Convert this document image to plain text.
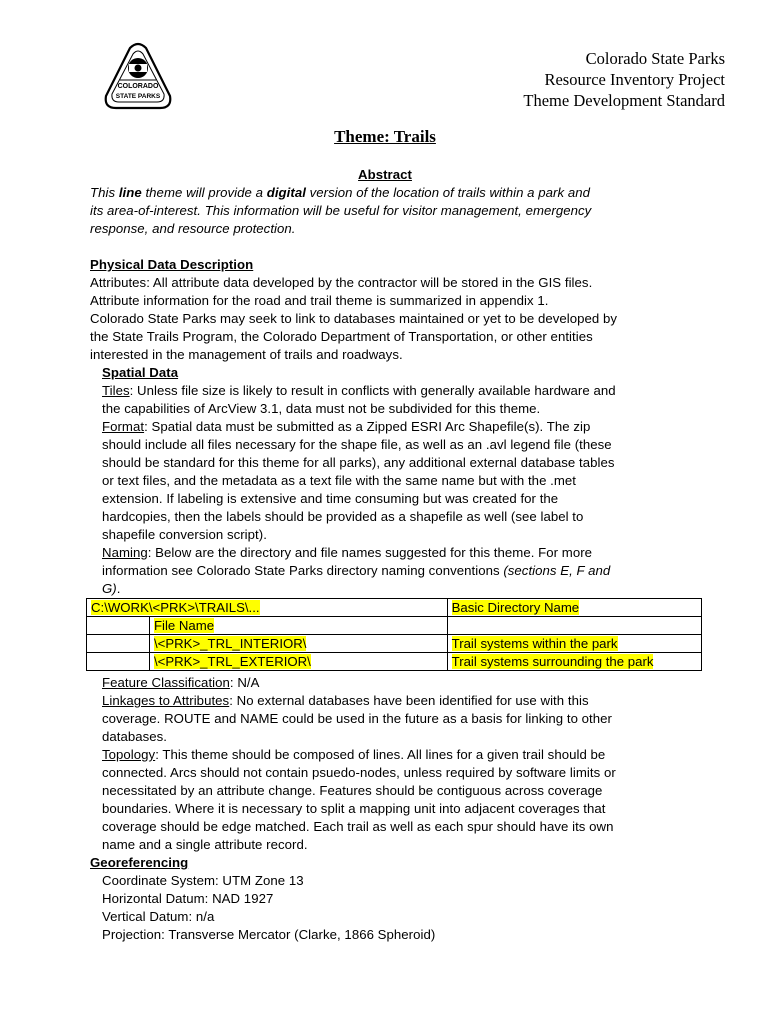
COLORADO
STATE PARKS
Colorado State Parks
Resource Inventory Project
Theme Development Standard
Theme: Trails
Abstract
This line theme will provide a digital version of the location of trails within a park and
its area-of-interest. This information will be useful for visitor management, emergency
response, and resource protection.
Physical Data Description
Attributes: All attribute data developed by the contractor will be stored in the GIS files.
Attribute information for the road and trail theme is summarized in appendix 1.
Colorado State Parks may seek to link to databases maintained or yet to be developed by
the State Trails Program, the Colorado Department of Transportation, or other entities
interested in the management of trails and roadways.
Spatial Data
Tiles: Unless file size is likely to result in conflicts with generally available hardware and
the capabilities of ArcView 3.1, data must not be subdivided for this theme.
Format: Spatial data must be submitted as a Zipped ESRI Arc Shapefile(s). The zip
should include all files necessary for the shape file, as well as an .avl legend file (these
should be standard for this theme for all parks), any additional external database tables
or text files, and the metadata as a text file with the same name but with the .met
extension. If labeling is extensive and time consuming but was created for the
hardcopies, then the labels should be provided as a shapefile as well (see label to
shapefile conversion script).
Naming: Below are the directory and file names suggested for this theme. For more
information see Colorado State Parks directory naming conventions (sections E, F and
G).
C:\WORK\<PRK>\TRAILS\...		Basic Directory Name
	File Name	
	\<PRK>_TRL_INTERIOR\	Trail systems within the park
	\<PRK>_TRL_EXTERIOR\	Trail systems surrounding the park
Feature Classification: N/A
Linkages to Attributes: No external databases have been identified for use with this
coverage. ROUTE and NAME could be used in the future as a basis for linking to other
databases.
Topology: This theme should be composed of lines. All lines for a given trail should be
connected. Arcs should not contain psuedo-nodes, unless required by software limits or
necessitated by an attribute change. Features should be contiguous across coverage
boundaries. Where it is necessary to split a mapping unit into adjacent coverages that
coverage should be edge matched. Each trail as well as each spur should have its own
name and a single attribute record.
Georeferencing
Coordinate System: UTM Zone 13
Horizontal Datum: NAD 1927
Vertical Datum: n/a
Projection: Transverse Mercator (Clarke, 1866 Spheroid)
